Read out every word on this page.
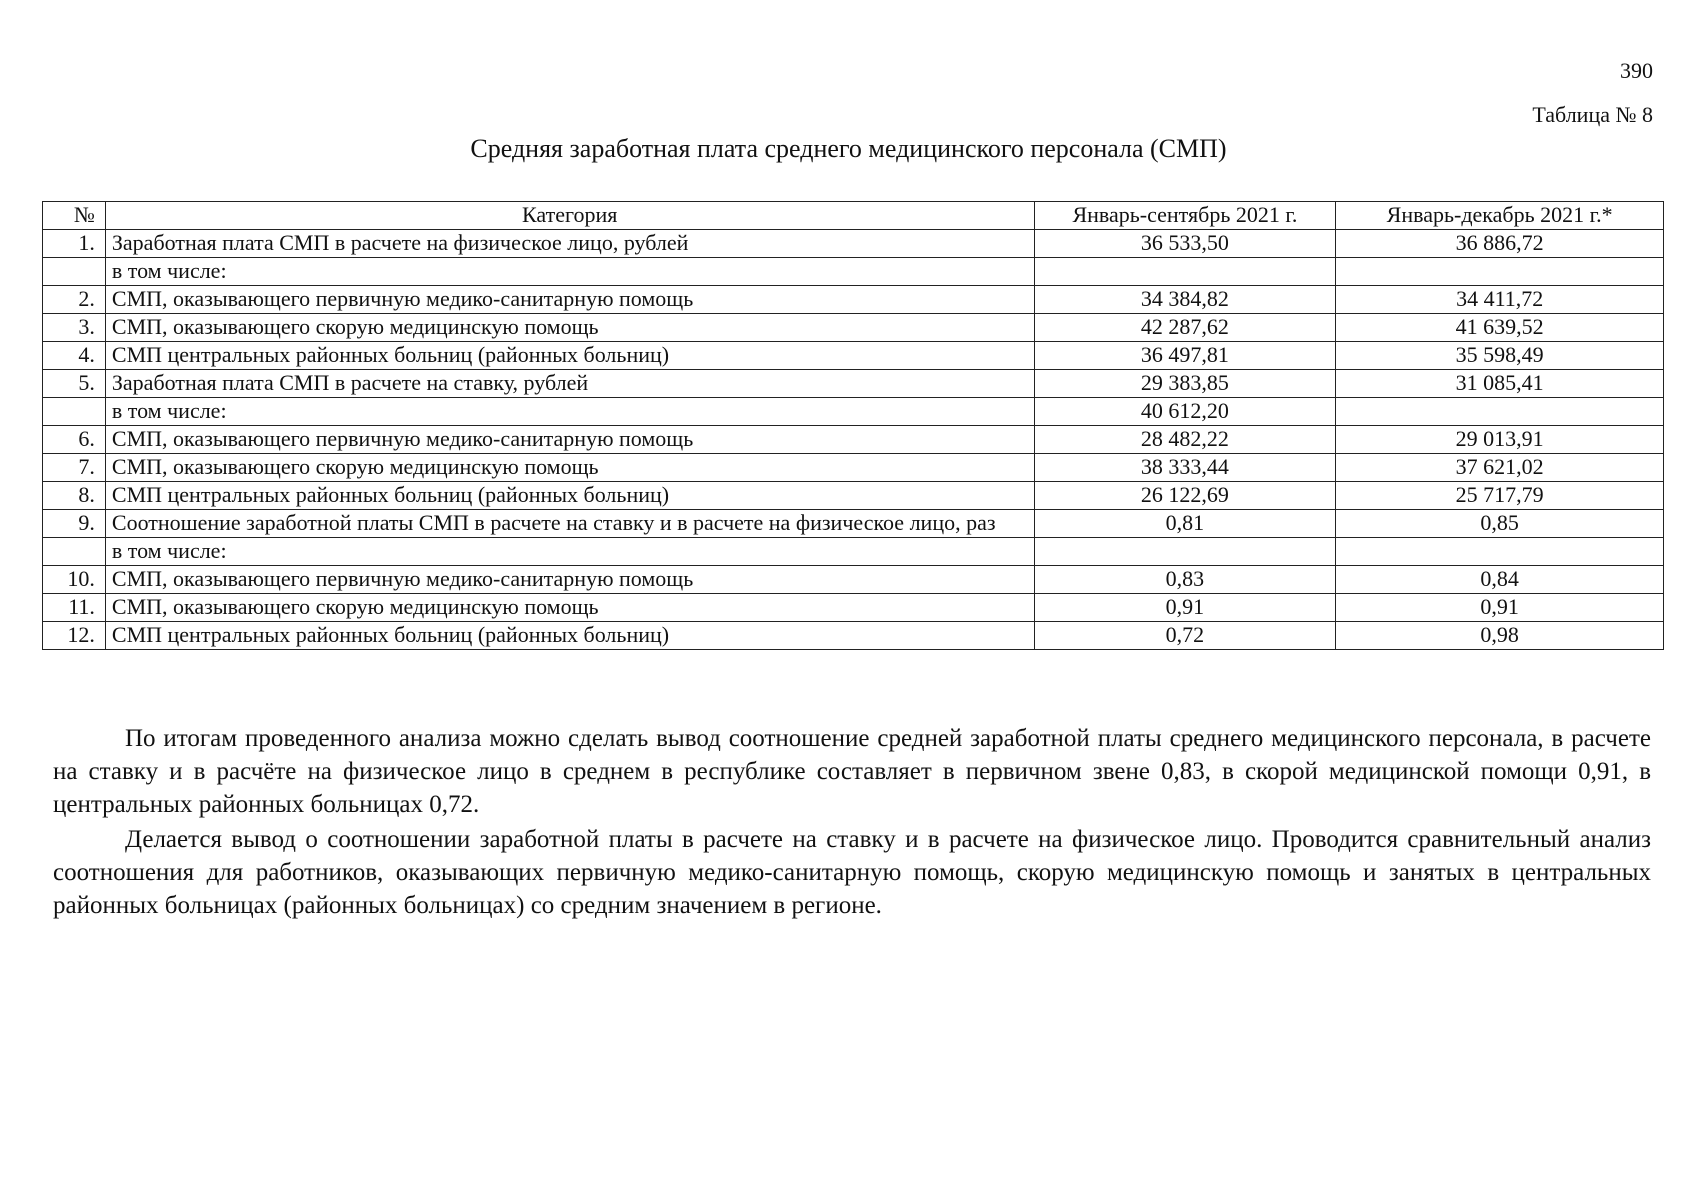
390
Таблица № 8
Средняя заработная плата среднего медицинского персонала (СМП)
№	Категория	Январь-сентябрь 2021 г.	Январь-декабрь 2021 г.*
1.	Заработная плата СМП в расчете на физическое лицо, рублей	36 533,50	36 886,72
	в том числе:		
2.	СМП, оказывающего первичную медико-санитарную помощь	34 384,82	34 411,72
3.	СМП, оказывающего скорую медицинскую помощь	42 287,62	41 639,52
4.	СМП центральных районных больниц (районных больниц)	36 497,81	35 598,49
5.	Заработная плата СМП в расчете на ставку, рублей	29 383,85	31 085,41
	в том числе:	40 612,20	
6.	СМП, оказывающего первичную медико-санитарную помощь	28 482,22	29 013,91
7.	СМП, оказывающего скорую медицинскую помощь	38 333,44	37 621,02
8.	СМП центральных районных больниц (районных больниц)	26 122,69	25 717,79
9.	Соотношение заработной платы СМП в расчете на ставку и в расчете на физическое лицо, раз	0,81	0,85
	в том числе:		
10.	СМП, оказывающего первичную медико-санитарную помощь	0,83	0,84
11.	СМП, оказывающего скорую медицинскую помощь	0,91	0,91
12.	СМП центральных районных больниц (районных больниц)	0,72	0,98

По итогам проведенного анализа можно сделать вывод соотношение средней заработной платы среднего медицинского персонала, в расчете на ставку и в расчёте на физическое лицо в среднем в республике составляет в первичном звене 0,83, в скорой медицинской помощи 0,91, в центральных районных больницах 0,72.

Делается вывод о соотношении заработной платы в расчете на ставку и в расчете на физическое лицо. Проводится сравнительный анализ соотношения для работников, оказывающих первичную медико-санитарную помощь, скорую медицинскую помощь и занятых в центральных районных больницах (районных больницах) со средним значением в регионе.
